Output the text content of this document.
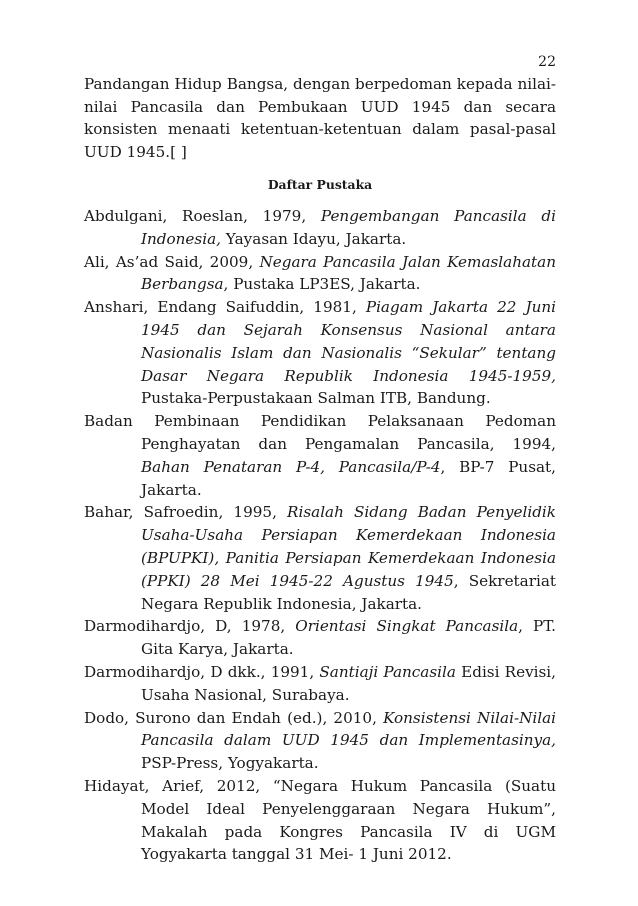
22

Pandangan Hidup Bangsa, dengan berpedoman kepada nilai-nilai Pancasila dan Pembukaan UUD 1945 dan secara konsisten menaati ketentuan-ketentuan dalam pasal-pasal UUD 1945.[ ]

Daftar Pustaka
Abdulgani, Roeslan, 1979, Pengembangan Pancasila di Indonesia, Yayasan Idayu, Jakarta.
Ali, As’ad Said, 2009, Negara Pancasila Jalan Kemaslahatan Berbangsa, Pustaka LP3ES, Jakarta.
Anshari, Endang Saifuddin, 1981, Piagam Jakarta 22 Juni 1945 dan Sejarah Konsensus Nasional antara Nasionalis Islam dan Nasionalis “Sekular” tentang Dasar Negara Republik Indonesia 1945-1959, Pustaka-Perpustakaan Salman ITB, Bandung.
Badan Pembinaan Pendidikan Pelaksanaan Pedoman Penghayatan dan Pengamalan Pancasila, 1994, Bahan Penataran P-4, Pancasila/P-4, BP-7 Pusat, Jakarta.
Bahar, Safroedin, 1995, Risalah Sidang Badan Penyelidik Usaha-Usaha Persiapan Kemerdekaan Indonesia (BPUPKI), Panitia Persiapan Kemerdekaan Indonesia (PPKI) 28 Mei 1945-22 Agustus 1945, Sekretariat Negara Republik Indonesia, Jakarta.
Darmodihardjo, D, 1978, Orientasi Singkat Pancasila, PT. Gita Karya, Jakarta.
Darmodihardjo, D dkk., 1991, Santiaji Pancasila Edisi Revisi, Usaha Nasional, Surabaya.
Dodo, Surono dan Endah (ed.), 2010, Konsistensi Nilai-Nilai Pancasila dalam UUD 1945 dan Implementasinya, PSP-Press, Yogyakarta.
Hidayat, Arief, 2012, “Negara Hukum Pancasila (Suatu Model Ideal Penyelenggaraan Negara Hukum”, Makalah pada Kongres Pancasila IV di UGM Yogyakarta tanggal 31 Mei- 1 Juni 2012.
